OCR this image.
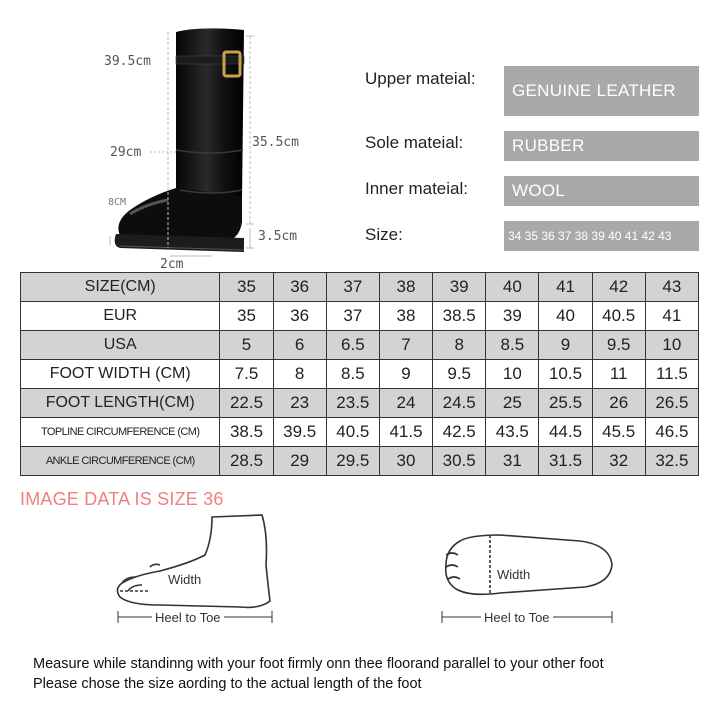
39.5cm
35.5cm
29cm
8CM
3.5cm
2cm
Upper mateial:
GENUINE LEATHER
Sole mateial:	RUBBER
Inner mateial:	WOOL
Size:	34 35 36 37 38 39 40 41 42 43
SIZE(CM)	35	36	37	38	39	40	41	42	43
EUR	35	36	37	38	38.5	39	40	40.5	41
USA	5	6	6.5	7	8	8.5	9	9.5	10
FOOT WIDTH (CM)	7.5	8	8.5	9	9.5	10	10.5	11	11.5
FOOT LENGTH(CM)	22.5	23	23.5	24	24.5	25	25.5	26	26.5
TOPLINE CIRCUMFERENCE (CM)	38.5	39.5	40.5	41.5	42.5	43.5	44.5	45.5	46.5
ANKLE CIRCUMFERENCE (CM)	28.5	29	29.5	30	30.5	31	31.5	32	32.5
IMAGE DATA IS SIZE 36
Width
Heel to Toe
Width
Heel to Toe
Measure while standinng with your foot firmly onn thee floorand parallel to your other foot
Please chose the size aording to the actual length of the foot
